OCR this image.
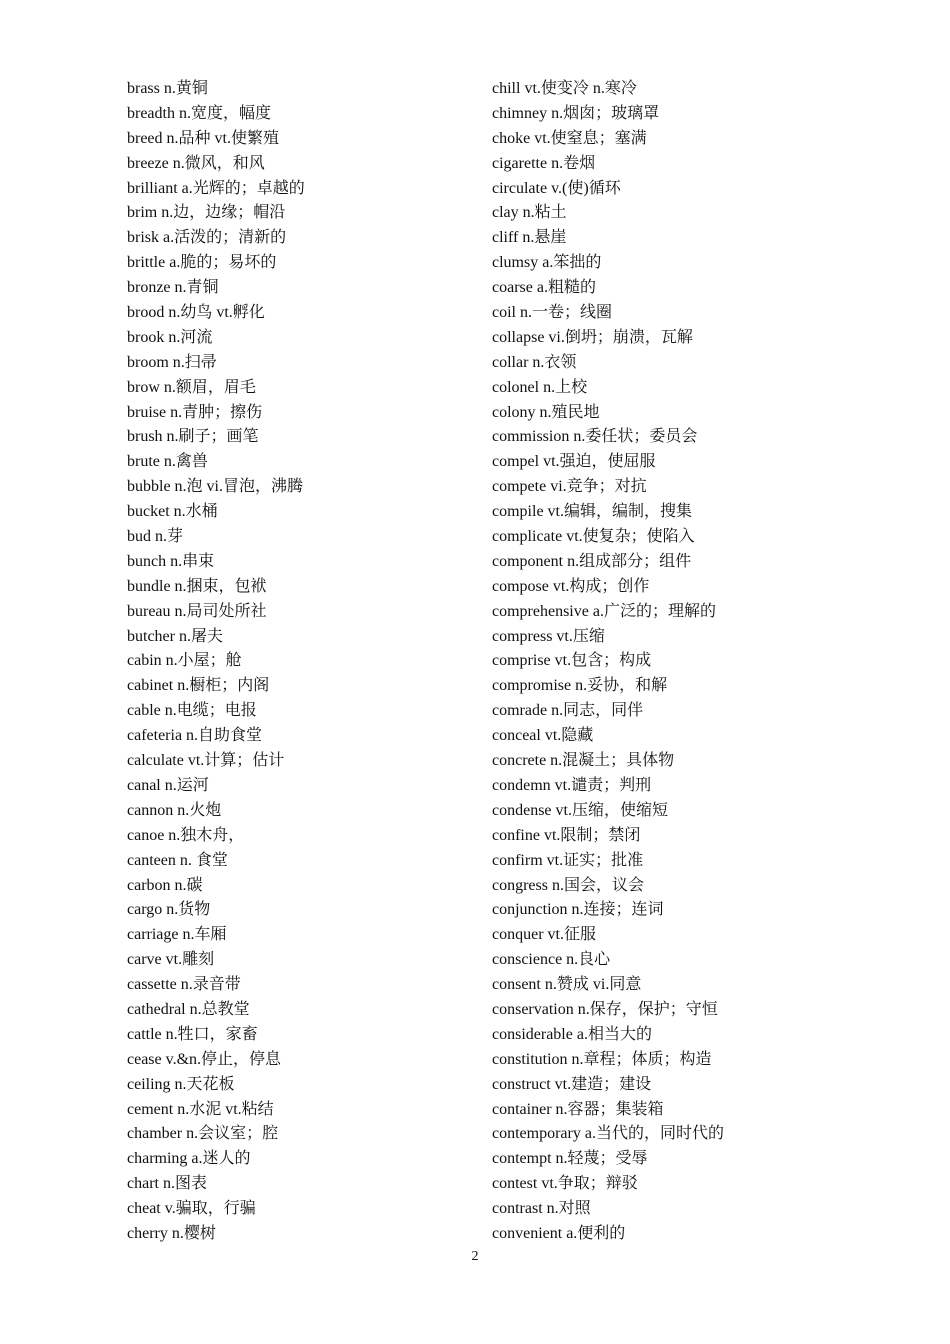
brass n.黄铜
breadth n.宽度，幅度
breed n.品种 vt.使繁殖
breeze n.微风，和风
brilliant a.光辉的；卓越的
brim n.边，边缘；帽沿
brisk a.活泼的；清新的
brittle a.脆的；易坏的
bronze n.青铜
brood n.幼鸟 vt.孵化
brook n.河流
broom n.扫帚
brow n.额眉，眉毛
bruise n.青肿；擦伤
brush n.刷子；画笔
brute n.禽兽
bubble n.泡 vi.冒泡，沸腾
bucket n.水桶
bud n.芽
bunch n.串束
bundle n.捆束，包袱
bureau n.局司处所社
butcher n.屠夫
cabin n.小屋；舱
cabinet n.橱柜；内阁
cable n.电缆；电报
cafeteria n.自助食堂
calculate vt.计算；估计
canal n.运河
cannon n.火炮
canoe n.独木舟，
canteen n. 食堂
carbon n.碳
cargo n.货物
carriage n.车厢
carve vt.雕刻
cassette n.录音带
cathedral n.总教堂
cattle n.牲口，家畜
cease v.&n.停止，停息
ceiling n.天花板
cement n.水泥 vt.粘结
chamber n.会议室；腔
charming a.迷人的
chart n.图表
cheat v.骗取，行骗
cherry n.樱树
chill vt.使变冷 n.寒冷
chimney n.烟囱；玻璃罩
choke vt.使窒息；塞满
cigarette n.卷烟
circulate v.(使)循环
clay n.粘土
cliff n.悬崖
clumsy a.笨拙的
coarse a.粗糙的
coil n.一卷；线圈
collapse vi.倒坍；崩溃，瓦解
collar n.衣领
colonel n.上校
colony n.殖民地
commission n.委任状；委员会
compel vt.强迫，使屈服
compete vi.竞争；对抗
compile vt.编辑，编制，搜集
complicate vt.使复杂；使陷入
component n.组成部分；组件
compose vt.构成；创作
comprehensive a.广泛的；理解的
compress vt.压缩
comprise vt.包含；构成
compromise n.妥协，和解
comrade n.同志，同伴
conceal vt.隐藏
concrete n.混凝土；具体物
condemn vt.谴责；判刑
condense vt.压缩，使缩短
confine vt.限制；禁闭
confirm vt.证实；批准
congress n.国会，议会
conjunction n.连接；连词
conquer vt.征服
conscience n.良心
consent n.赞成 vi.同意
conservation n.保存，保护；守恒
considerable a.相当大的
constitution n.章程；体质；构造
construct vt.建造；建设
container n.容器；集装箱
contemporary a.当代的，同时代的
contempt n.轻蔑；受辱
contest vt.争取；辩驳
contrast n.对照
convenient a.便利的
2
